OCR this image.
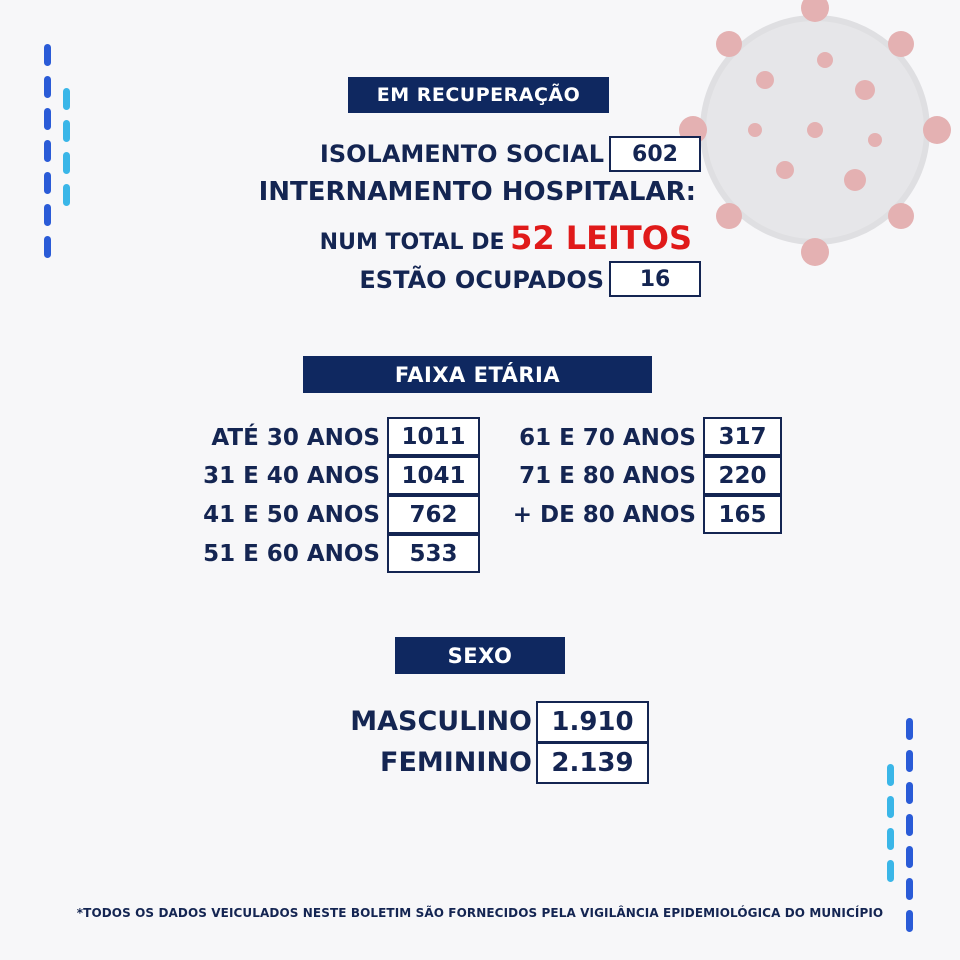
EM RECUPERAÇÃO
ISOLAMENTO SOCIAL	602
INTERNAMENTO HOSPITALAR:
NUM TOTAL DE 52 LEITOS
ESTÃO OCUPADOS	16
FAIXA ETÁRIA
ATÉ 30 ANOS 1011
31 E 40 ANOS 1041
41 E 50 ANOS	762
51 E 60 ANOS	533
61 E 70 ANOS 317
71 E 80 ANOS 220
+ DE 80 ANOS 165
SEXO
MASCULINO 1.910
FEMININO 2.139
*TODOS OS DADOS VEICULADOS NESTE BOLETIM SÃO FORNECIDOS PELA VIGILÂNCIA EPIDEMIOLÓGICA DO MUNICÍPIO
